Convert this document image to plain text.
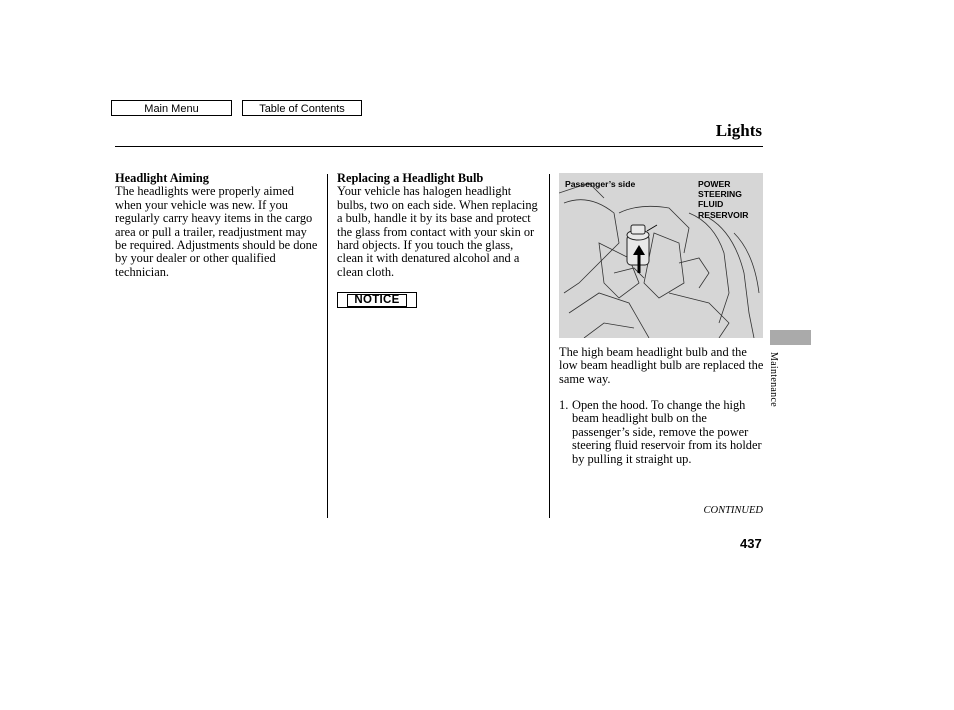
Main Menu	Table of Contents
Lights

Headlight Aiming

The headlights were properly aimed when your vehicle was new. If you regularly carry heavy items in the cargo area or pull a trailer, readjustment may be required. Adjustments should be done by your dealer or other qualified technician.

Replacing a Headlight Bulb

Your vehicle has halogen headlight bulbs, two on each side. When replacing a bulb, handle it by its base and protect the glass from contact with your skin or hard objects. If you touch the glass, clean it with denatured alcohol and a clean cloth.

NOTICE
Passenger’s side	POWER
STEERING
FLUID
RESERVOIR
The high beam headlight bulb and the low beam headlight bulb are replaced the same way.
1. Open the hood. To change the high beam headlight bulb on the passenger’s side, remove the power steering fluid reservoir from its holder by pulling it straight up.
CONTINUED
437
Maintenance
